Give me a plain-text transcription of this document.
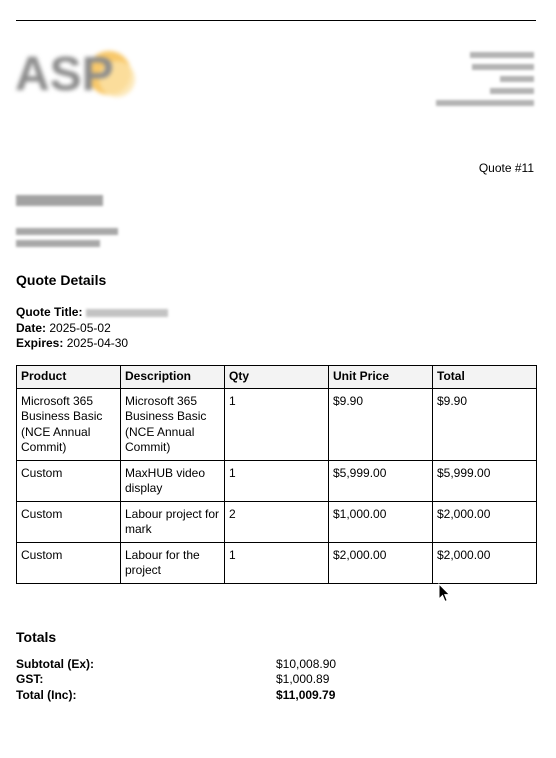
ASP
Quote #11
Quote Details
Quote Title:
Date: 2025-05-02
Expires: 2025-04-30
Product	Description	Qty	Unit Price	Total
Microsoft 365 Business Basic (NCE Annual Commit)	Microsoft 365 Business Basic (NCE Annual Commit)	1	$9.90	$9.90
Custom	MaxHUB video display	1	$5,999.00	$5,999.00
Custom	Labour project for mark	2	$1,000.00	$2,000.00
Custom	Labour for the project	1	$2,000.00	$2,000.00
Totals
Subtotal (Ex):	$10,008.90
GST:	$1,000.89
Total (Inc):	$11,009.79
